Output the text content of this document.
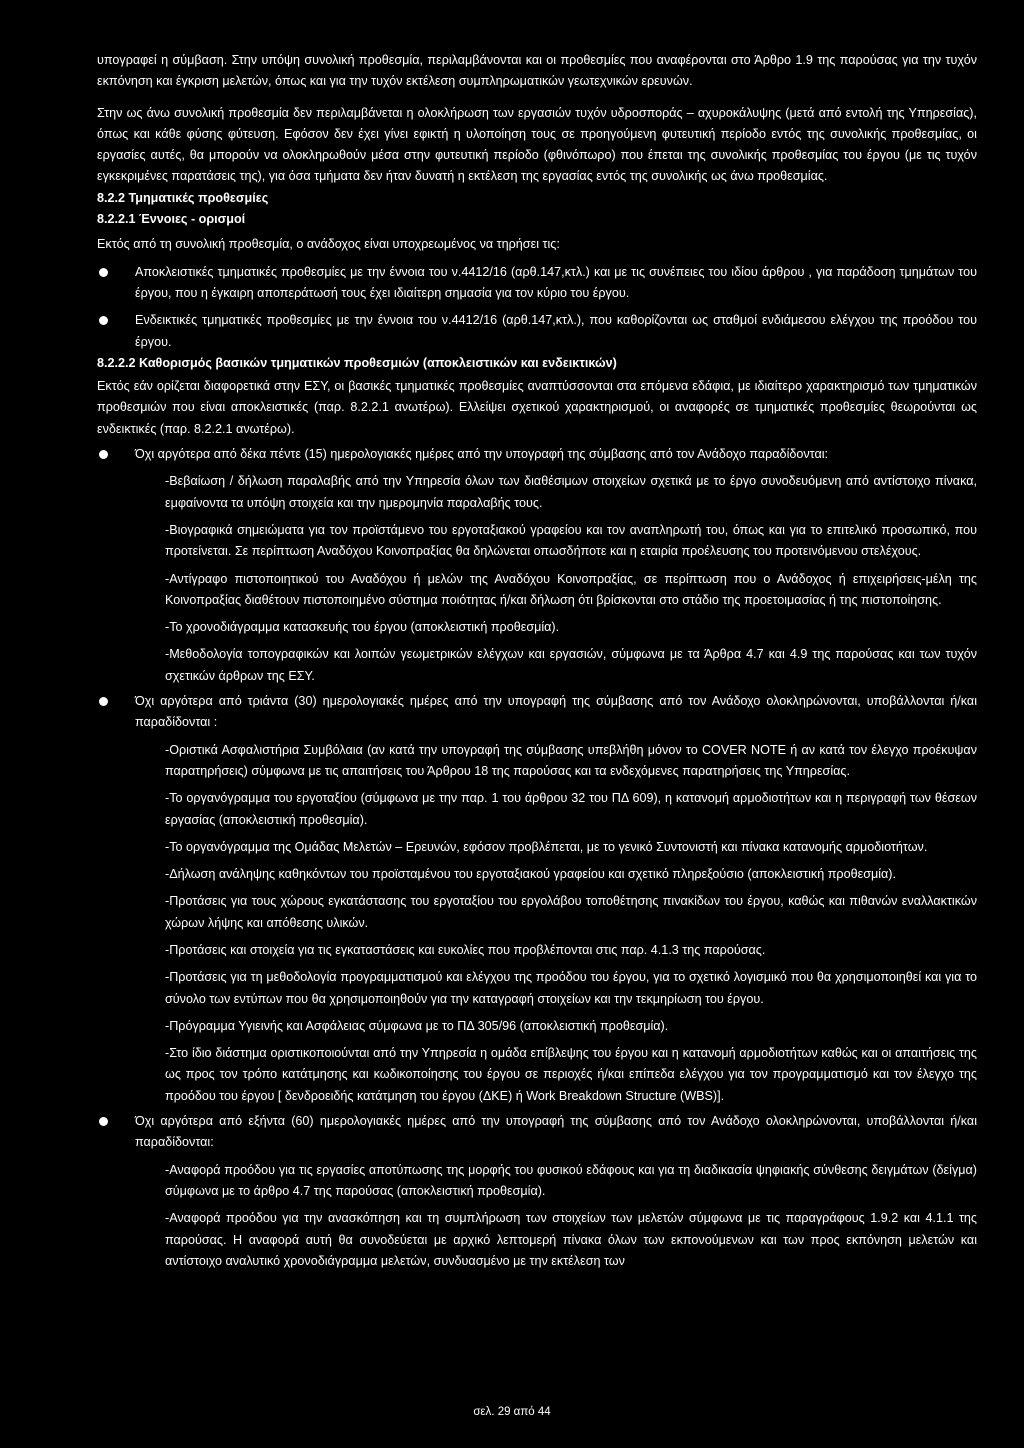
υπογραφεί η σύμβαση. Στην υπόψη συνολική προθεσμία, περιλαμβάνονται και οι προθεσμίες που αναφέρονται στο Άρθρο 1.9 της παρούσας για την τυχόν εκπόνηση και έγκριση μελετών, όπως και για την τυχόν εκτέλεση συμπληρωματικών γεωτεχνικών ερευνών.

Στην ως άνω συνολική προθεσμία δεν περιλαμβάνεται η ολοκλήρωση των εργασιών τυχόν υδροσποράς – αχυροκάλυψης (μετά από εντολή της Υπηρεσίας), όπως και κάθε φύσης φύτευση. Εφόσον δεν έχει γίνει εφικτή η υλοποίηση τους σε προηγούμενη φυτευτική περίοδο εντός της συνολικής προθεσμίας, οι εργασίες αυτές, θα μπορούν να ολοκληρωθούν μέσα στην φυτευτική περίοδο (φθινόπωρο) που έπεται της συνολικής προθεσμίας του έργου (με τις τυχόν εγκεκριμένες παρατάσεις της), για όσα τμήματα δεν ήταν δυνατή η εκτέλεση της εργασίας εντός της συνολικής ως άνω προθεσμίας.

8.2.2 Τμηματικές προθεσμίες

8.2.2.1 Έννοιες - ορισμοί

Εκτός από τη συνολική προθεσμία, ο ανάδοχος είναι υποχρεωμένος να τηρήσει τις:

Αποκλειστικές τμηματικές προθεσμίες με την έννοια του ν.4412/16 (αρθ.147,κτλ.) και με τις συνέπειες του ιδίου άρθρου , για παράδοση τμημάτων του έργου, που η έγκαιρη αποπεράτωσή τους έχει ιδιαίτερη σημασία για τον κύριο του έργου.
Ενδεικτικές τμηματικές προθεσμίες με την έννοια του ν.4412/16 (αρθ.147,κτλ.), που καθορίζονται ως σταθμοί ενδιάμεσου ελέγχου της προόδου του έργου.

8.2.2.2 Καθορισμός βασικών τμηματικών προθεσμιών (αποκλειστικών και ενδεικτικών)

Εκτός εάν ορίζεται διαφορετικά στην ΕΣΥ, οι βασικές τμηματικές προθεσμίες αναπτύσσονται στα επόμενα εδάφια, με ιδιαίτερο χαρακτηρισμό των τμηματικών προθεσμιών που είναι αποκλειστικές (παρ. 8.2.2.1 ανωτέρω). Ελλείψει σχετικού χαρακτηρισμού, οι αναφορές σε τμηματικές προθεσμίες θεωρούνται ως ενδεικτικές (παρ. 8.2.2.1 ανωτέρω).

Όχι αργότερα από δέκα πέντε (15) ημερολογιακές ημέρες από την υπογραφή της σύμβασης από τον Ανάδοχο παραδίδονται:

-Βεβαίωση / δήλωση παραλαβής από την Υπηρεσία όλων των διαθέσιμων στοιχείων σχετικά με το έργο συνοδευόμενη από αντίστοιχο πίνακα, εμφαίνοντα τα υπόψη στοιχεία και την ημερομηνία παραλαβής τους.

-Βιογραφικά σημειώματα για τον προϊστάμενο του εργοταξιακού γραφείου και τον αναπληρωτή του, όπως και για το επιτελικό προσωπικό, που προτείνεται. Σε περίπτωση Αναδόχου Κοινοπραξίας θα δηλώνεται οπωσδήποτε και η εταιρία προέλευσης του προτεινόμενου στελέχους.

-Αντίγραφο πιστοποιητικού του Αναδόχου ή μελών της Αναδόχου Κοινοπραξίας, σε περίπτωση που ο Ανάδοχος ή επιχειρήσεις-μέλη της Κοινοπραξίας διαθέτουν πιστοποιημένο σύστημα ποιότητας ή/και δήλωση ότι βρίσκονται στο στάδιο της προετοιμασίας ή της πιστοποίησης.

-Το χρονοδιάγραμμα κατασκευής του έργου (αποκλειστική προθεσμία).

-Μεθοδολογία τοπογραφικών και λοιπών γεωμετρικών ελέγχων και εργασιών, σύμφωνα με τα Άρθρα 4.7 και 4.9 της παρούσας και των τυχόν σχετικών άρθρων της ΕΣΥ.

Όχι αργότερα από τριάντα (30) ημερολογιακές ημέρες από την υπογραφή της σύμβασης από τον Ανάδοχο ολοκληρώνονται, υποβάλλονται ή/και παραδίδονται :

-Οριστικά Ασφαλιστήρια Συμβόλαια (αν κατά την υπογραφή της σύμβασης υπεβλήθη μόνον το COVER NOTE ή αν κατά τον έλεγχο προέκυψαν παρατηρήσεις) σύμφωνα με τις απαιτήσεις του Άρθρου 18 της παρούσας και τα ενδεχόμενες παρατηρήσεις της Υπηρεσίας.

-Το οργανόγραμμα του εργοταξίου (σύμφωνα με την παρ. 1 του άρθρου 32 του ΠΔ 609), η κατανομή αρμοδιοτήτων και η περιγραφή των θέσεων εργασίας (αποκλειστική προθεσμία).

-Το οργανόγραμμα της Ομάδας Μελετών – Ερευνών, εφόσον προβλέπεται, με το γενικό Συντονιστή και πίνακα κατανομής αρμοδιοτήτων.

-Δήλωση ανάληψης καθηκόντων του προϊσταμένου του εργοταξιακού γραφείου και σχετικό πληρεξούσιο (αποκλειστική προθεσμία).

-Προτάσεις για τους χώρους εγκατάστασης του εργοταξίου του εργολάβου τοποθέτησης πινακίδων του έργου, καθώς και πιθανών εναλλακτικών χώρων λήψης και απόθεσης υλικών.

-Προτάσεις και στοιχεία για τις εγκαταστάσεις και ευκολίες που προβλέπονται στις παρ. 4.1.3 της παρούσας.

-Προτάσεις για τη μεθοδολογία προγραμματισμού και ελέγχου της προόδου του έργου, για το σχετικό λογισμικό που θα χρησιμοποιηθεί και για το σύνολο των εντύπων που θα χρησιμοποιηθούν για την καταγραφή στοιχείων και την τεκμηρίωση του έργου.

-Πρόγραμμα Υγιεινής και Ασφάλειας σύμφωνα με το ΠΔ 305/96 (αποκλειστική προθεσμία).

-Στο ίδιο διάστημα οριστικοποιούνται από την Υπηρεσία η ομάδα επίβλεψης του έργου και η κατανομή αρμοδιοτήτων καθώς και οι απαιτήσεις της ως προς τον τρόπο κατάτμησης και κωδικοποίησης του έργου σε περιοχές ή/και επίπεδα ελέγχου για τον προγραμματισμό και τον έλεγχο της προόδου του έργου [ δενδροειδής κατάτμηση του έργου (ΔΚΕ) ή Work Breakdown Structure (WBS)].

Όχι αργότερα από εξήντα (60) ημερολογιακές ημέρες από την υπογραφή της σύμβασης από τον Ανάδοχο ολοκληρώνονται, υποβάλλονται ή/και παραδίδονται:

-Αναφορά προόδου για τις εργασίες αποτύπωσης της μορφής του φυσικού εδάφους και για τη διαδικασία ψηφιακής σύνθεσης δειγμάτων (δείγμα) σύμφωνα με το άρθρο 4.7 της παρούσας (αποκλειστική προθεσμία).

-Αναφορά προόδου για την ανασκόπηση και τη συμπλήρωση των στοιχείων των μελετών σύμφωνα με τις παραγράφους 1.9.2 και 4.1.1 της παρούσας. Η αναφορά αυτή θα συνοδεύεται με αρχικό λεπτομερή πίνακα όλων των εκπονούμενων και των προς εκπόνηση μελετών και αντίστοιχο αναλυτικό χρονοδιάγραμμα μελετών, συνδυασμένο με την εκτέλεση των

σελ. 29 από 44
